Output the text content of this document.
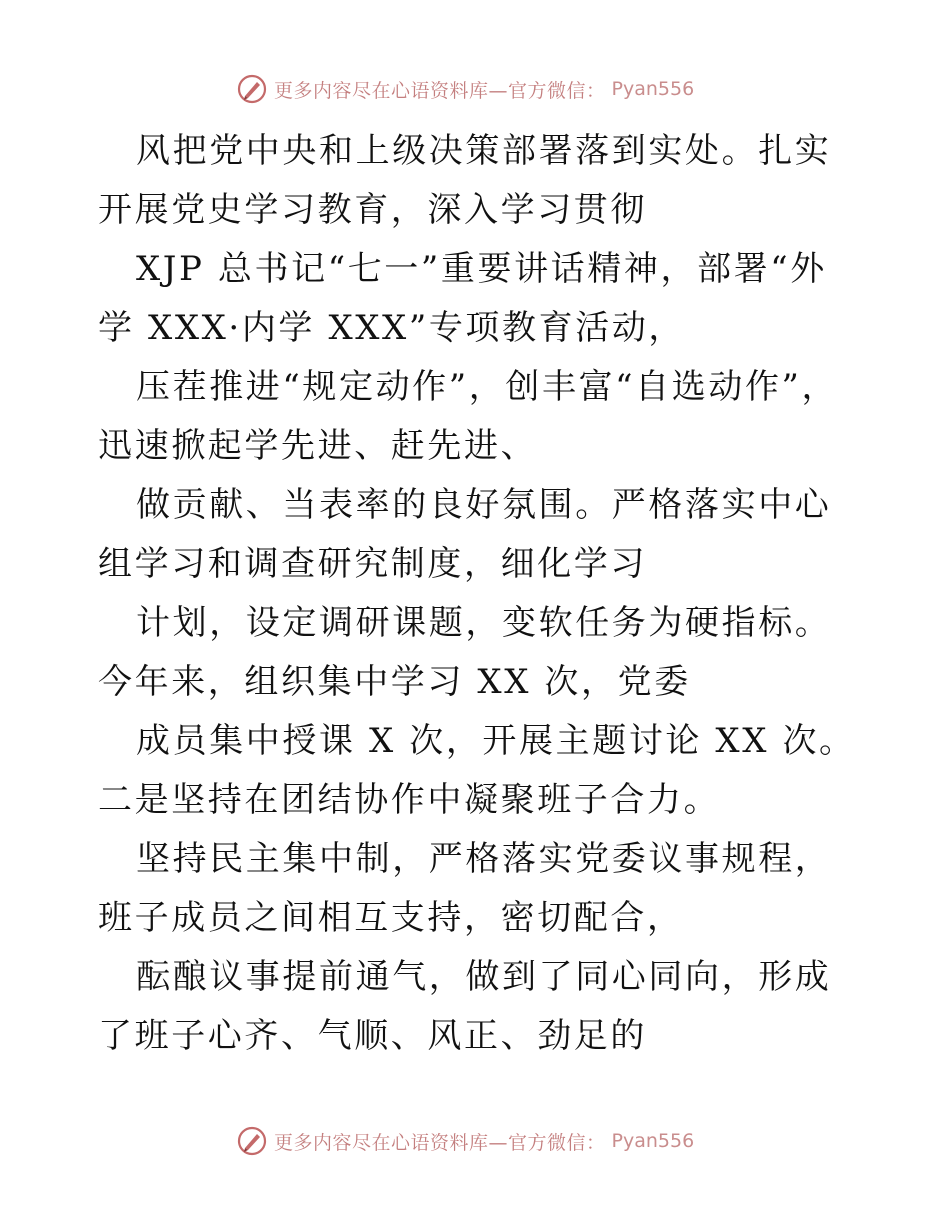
更多内容尽在心语资料库—官方微信： Pyan556

风把党中央和上级决策部署落到实处。扎实开展党史学习教育，深入学习贯彻

XJP 总书记“七一”重要讲话精神，部署“外学 XXX·内学 XXX”专项教育活动，

压茬推进“规定动作”，创丰富“自选动作”，迅速掀起学先进、赶先进、

做贡献、当表率的良好氛围。严格落实中心组学习和调查研究制度，细化学习

计划，设定调研课题，变软任务为硬指标。今年来，组织集中学习 XX 次，党委

成员集中授课 X 次，开展主题讨论 XX 次。二是坚持在团结协作中凝聚班子合力。

坚持民主集中制，严格落实党委议事规程，班子成员之间相互支持，密切配合，

酝酿议事提前通气，做到了同心同向，形成了班子心齐、气顺、风正、劲足的

更多内容尽在心语资料库—官方微信： Pyan556
